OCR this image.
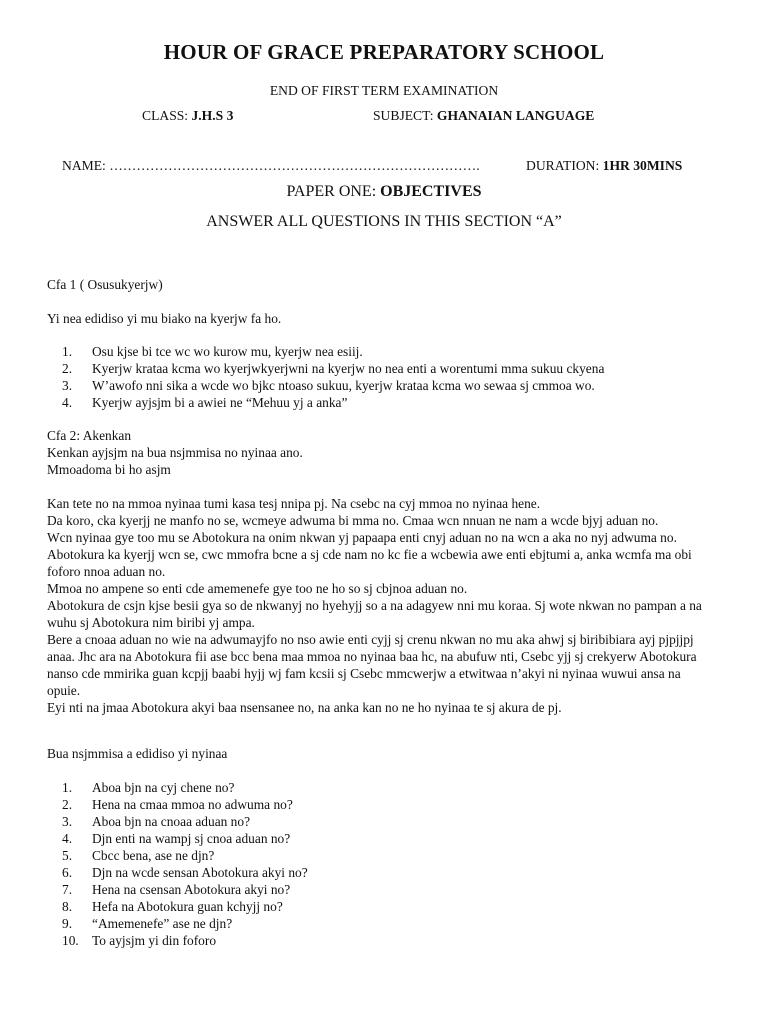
HOUR OF GRACE PREPARATORY SCHOOL
END OF FIRST TERM EXAMINATION
CLASS: J.H.S 3	SUBJECT: GHANAIAN LANGUAGE
NAME: ……………………………………………………………………….	DURATION: 1HR 30MINS
PAPER ONE: OBJECTIVES
ANSWER ALL QUESTIONS IN THIS SECTION “A”
Cfa 1 ( Osusukyerjw)
Yi nea edidiso yi mu biako na kyerjw fa ho.
1.	Osu kjse bi tce wc wo kurow mu, kyerjw nea esiij.
2.	Kyerjw krataa kcma wo kyerjwkyerjwni na kyerjw no nea enti a worentumi mma sukuu ckyena
3.	W’awofo nni sika a wcde wo bjkc ntoaso sukuu, kyerjw krataa kcma wo sewaa sj cmmoa wo.
4.	Kyerjw ayjsjm bi a awiei ne “Mehuu yj a anka”
Cfa 2: Akenkan
Kenkan ayjsjm na bua nsjmmisa no nyinaa ano.
Mmoadoma bi ho asjm

Kan tete no na mmoa nyinaa tumi kasa tesj nnipa pj. Na csebc na cyj mmoa no nyinaa hene.

Da koro, cka kyerjj ne manfo no se, wcmeye adwuma bi mma no. Cmaa wcn nnuan ne nam a wcde bjyj aduan no.

Wcn nyinaa gye too mu se Abotokura na onim nkwan yj papaapa enti cnyj aduan no na wcn a aka no nyj adwuma no. Abotokura ka kyerjj wcn se, cwc mmofra bcne a sj cde nam no kc fie a wcbewia awe enti ebjtumi a, anka wcmfa ma obi foforo nnoa aduan no.

Mmoa no ampene so enti cde amemenefe gye too ne ho so sj cbjnoa aduan no.

Abotokura de csjn kjse besii gya so de nkwanyj no hyehyjj so a na adagyew nni mu koraa. Sj wote nkwan no pampan a na wuhu sj Abotokura nim biribi yj ampa.

Bere a cnoaa aduan no wie na adwumayjfo no nso awie enti cyjj sj crenu nkwan no mu aka ahwj sj biribibiara ayj pjpjjpj anaa. Jhc ara na Abotokura fii ase bcc bena maa mmoa no nyinaa baa hc, na abufuw nti, Csebc yjj sj crekyerw Abotokura nanso cde mmirika guan kcpjj baabi hyjj wj fam kcsii sj Csebc mmcwerjw a etwitwaa n’akyi ni nyinaa wuwui ansa na opuie.

Eyi nti na jmaa Abotokura akyi baa nsensanee no, na anka kan no ne ho nyinaa te sj akura de pj.

Bua nsjmmisa a edidiso yi nyinaa
1.	Aboa bjn na cyj chene no?
2.	Hena na cmaa mmoa no adwuma no?
3.	Aboa bjn na cnoaa aduan no?
4.	Djn enti na wampj sj cnoa aduan no?
5.	Cbcc bena, ase ne djn?
6.	Djn na wcde sensan Abotokura akyi no?
7.	Hena na csensan Abotokura akyi no?
8.	Hefa na Abotokura guan kchyjj no?
9.	“Amemenefe” ase ne djn?
10. To ayjsjm yi din foforo
